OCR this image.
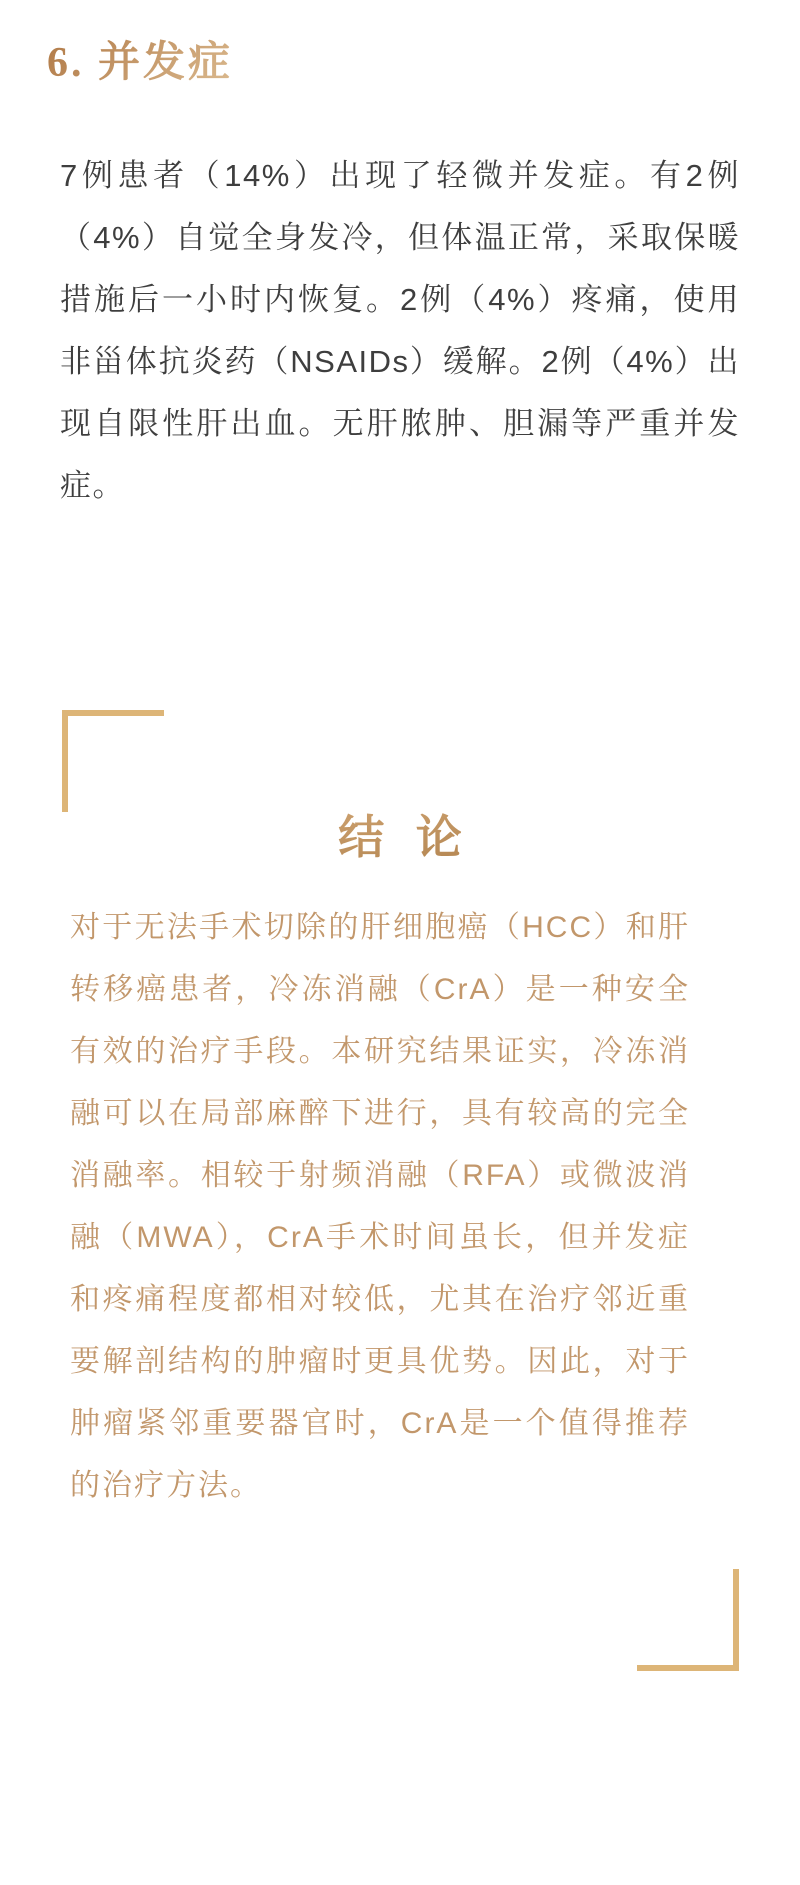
6. 并发症

7例患者（14%）出现了轻微并发症。有2例（4%）自觉全身发冷，但体温正常，采取保暖措施后一小时内恢复。2例（4%）疼痛，使用非甾体抗炎药（NSAIDs）缓解。2例（4%）出现自限性肝出血。无肝脓肿、胆漏等严重并发症。

结 论

对于无法手术切除的肝细胞癌（HCC）和肝转移癌患者，冷冻消融（CrA）是一种安全有效的治疗手段。本研究结果证实，冷冻消融可以在局部麻醉下进行，具有较高的完全消融率。相较于射频消融（RFA）或微波消融（MWA），CrA手术时间虽长，但并发症和疼痛程度都相对较低，尤其在治疗邻近重要解剖结构的肿瘤时更具优势。因此，对于肿瘤紧邻重要器官时，CrA是一个值得推荐的治疗方法。
